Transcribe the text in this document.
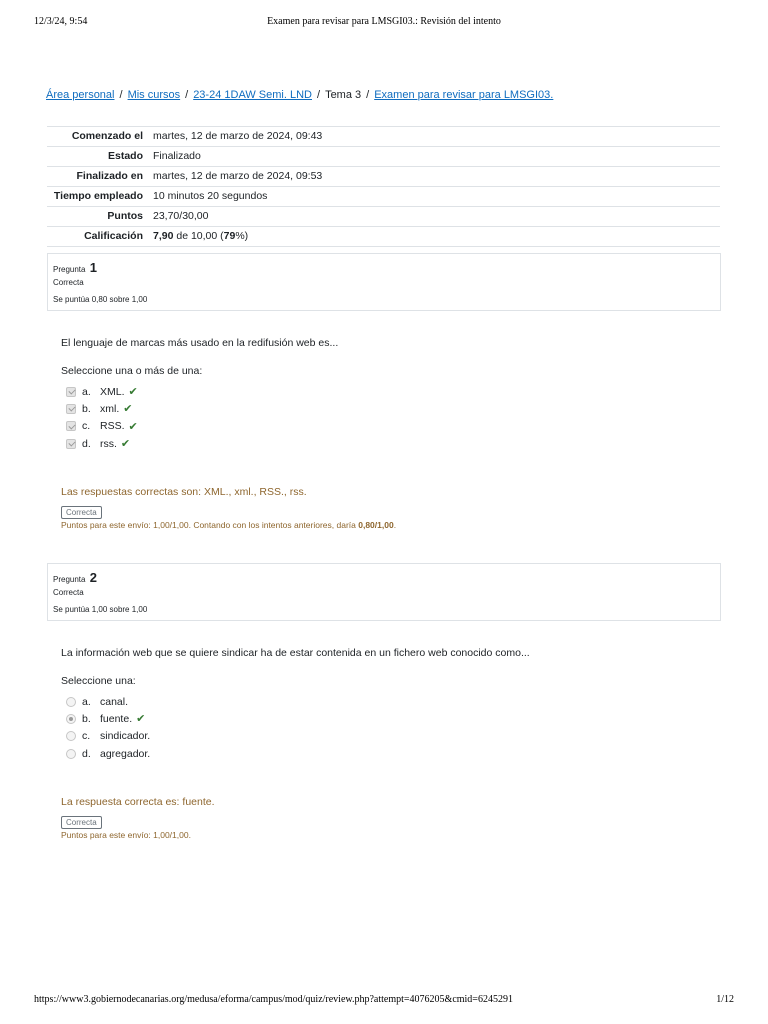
12/3/24, 9:54	Examen para revisar para LMSGI03.: Revisión del intento
Área personal / Mis cursos / 23-24 1DAW Semi. LND / Tema 3 / Examen para revisar para LMSGI03.
Comenzado el	martes, 12 de marzo de 2024, 09:43
Estado	Finalizado
Finalizado en	martes, 12 de marzo de 2024, 09:53
Tiempo empleado	10 minutos 20 segundos
Puntos	23,70/30,00
Calificación	7,90 de 10,00 (79%)
Pregunta 1
Correcta
Se puntúa 0,80 sobre 1,00
El lenguaje de marcas más usado en la redifusión web es...
Seleccione una o más de una:
a. XML. ✔
b. xml. ✔
c. RSS. ✔
d. rss. ✔
Las respuestas correctas son: XML., xml., RSS., rss.
Correcta
Puntos para este envío: 1,00/1,00. Contando con los intentos anteriores, daría 0,80/1,00.
Pregunta 2
Correcta
Se puntúa 1,00 sobre 1,00
La información web que se quiere sindicar ha de estar contenida en un fichero web conocido como...
Seleccione una:
a. canal.
b. fuente. ✔
c. sindicador.
d. agregador.
La respuesta correcta es: fuente.
Correcta
Puntos para este envío: 1,00/1,00.
https://www3.gobiernodecanarias.org/medusa/eforma/campus/mod/quiz/review.php?attempt=4076205&cmid=6245291	1/12
